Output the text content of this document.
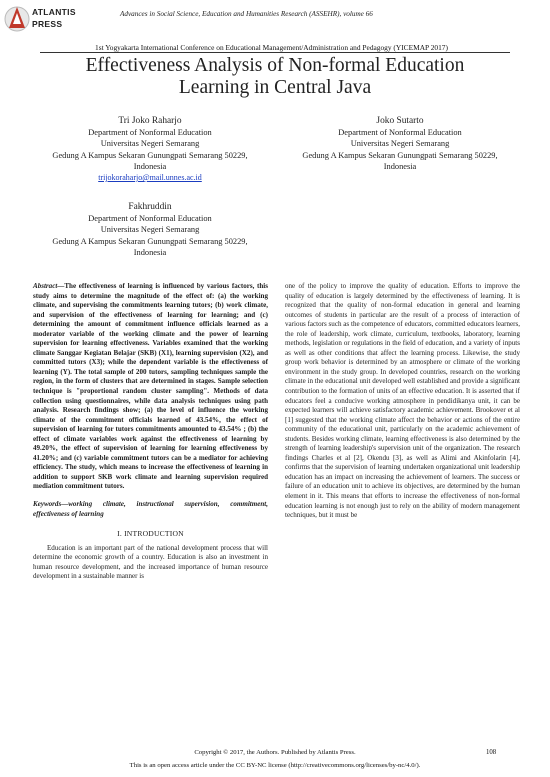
ATLANTIS
PRESS
Advances in Social Science, Education and Humanities Research (ASSEHR), volume 66
1st Yogyakarta International Conference on Educational Management/Administration and Pedagogy (YICEMAP 2017)
Effectiveness Analysis of Non-formal Education
Learning in Central Java
Tri Joko Raharjo
Department of Nonformal Education
Universitas Negeri Semarang
Gedung A Kampus Sekaran Gunungpati Semarang 50229,
Indonesia
trijokoraharjo@mail.unnes.ac.id
Joko Sutarto
Department of Nonformal Education
Universitas Negeri Semarang
Gedung A Kampus Sekaran Gunungpati Semarang 50229,
Indonesia
Fakhruddin
Department of Nonformal Education
Universitas Negeri Semarang
Gedung A Kampus Sekaran Gunungpati Semarang 50229,
Indonesia

Abstract—The effectiveness of learning is influenced by various factors, this study aims to determine the magnitude of the effect of: (a) the working climate, and supervising the commitments learning tutors; (b) work climate, and supervision of the effectiveness of learning for learning; and (c) determining the amount of commitment influence officials learned as a moderator variable of the working climate and the power of learning supervision for learning effectiveness. Variables examined that the working climate Sanggar Kegiatan Belajar (SKB) (X1), learning supervision (X2), and committed tutors (X3); while the dependent variable is the effectiveness of learning (Y). The total sample of 200 tutors, sampling techniques sample the region, in the form of clusters that are determined in stages. Sample selection technique is "proportional random cluster sampling". Methods of data collection using questionnaires, while data analysis techniques using path analysis. Research findings show; (a) the level of influence the working climate of the commitment officials learned of 43.54%, the effect of supervision of learning for tutors commitments amounted to 43.54% ; (b) the effect of climate variables work against the effectiveness of learning by 49.20%, the effect of supervision of learning for learning effectiveness by 41.20%; and (c) variable commitment tutors can be a mediator for achieving efficiency. The study, which means to increase the effectiveness of learning in addition to support SKB work climate and learning supervision required mediation commitment tutors.

Keywords—working climate, instructional supervision, commitment, effectiveness of learning

I. INTRODUCTION

Education is an important part of the national development process that will determine the economic growth of a country. Education is also an investment in human resource development, and the increased importance of human resource development in a sustainable manner is

one of the policy to improve the quality of education. Efforts to improve the quality of education is largely determined by the effectiveness of learning. It is recognized that the quality of non-formal education in general and learning outcomes of students in particular are the result of a process of interaction of various factors such as the competence of educators, committed educators learners, the role of leadership, work climate, curriculum, textbooks, laboratory, learning methods, legislation or regulations in the field of education, and a variety of inputs as well as other conditions that affect the learning process. Likewise, the study group work behavior is determined by an atmosphere or climate of the working environment in the study group. In developed countries, research on the working climate in the educational unit developed well established and provide a significant contribution to the formation of units of an effective education. It is asserted that if educators feel a conducive working atmosphere in pendidikanya unit, it can be expected learners will achieve satisfactory academic achievement. Brookover et al [1] suggested that the working climate affect the behavior or actions of the entire community of the educational unit, particularly on the academic achievement of students. Besides working climate, learning effectiveness is also determined by the strength of learning leadership's supervision unit of the organization. The research findings Charles et al [2], Okendu [3], as well as Alimi and Akinfolarin [4], confirms that the supervision of learning undertaken organizational unit leadership education has an impact on increasing the achievement of learners. The success or failure of an education unit to achieve its objectives, are determined by the human element in it. This means that efforts to increase the effectiveness of non-formal education learning is not enough just to rely on the ability of modern management techniques, but it must be

Copyright © 2017, the Authors. Published by Atlantis Press.	108
This is an open access article under the CC BY-NC license (http://creativecommons.org/licenses/by-nc/4.0/).
